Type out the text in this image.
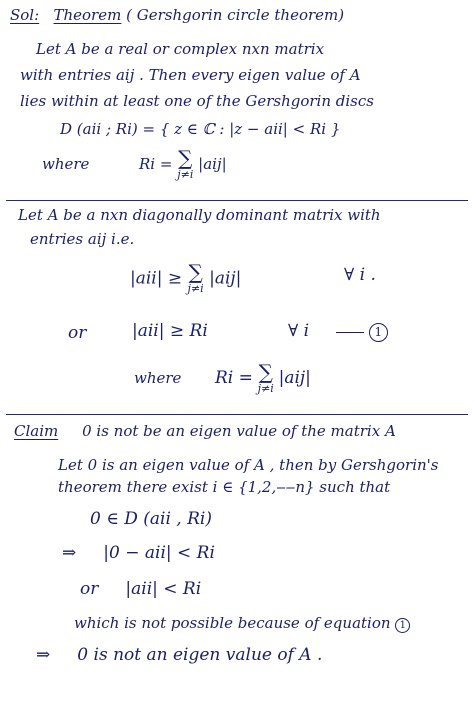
Sol: Theorem ( Gershgorin circle theorem)
Let A be a real or complex nxn matrix
with entries aij . Then every eigen value of A
lies within at least one of the Gershgorin discs
D (aii ; Ri) = { z ∈ ℂ : |z − aii| < Ri }
where	Ri = ∑
j≠i
|aij|
Let A be a nxn diagonally dominant matrix with
entries aij i.e.
|aii| ≥ ∑
j≠i |aij|	∀ i .
or	|aii| ≥ Ri	∀ i	1
where Ri = ∑
j≠i
|aij|
Claim 0 is not be an eigen value of the matrix A
Let 0 is an eigen value of A , then by Gershgorin's
theorem there exist i ∈ {1,2,‒‒n} such that
0 ∈ D (aii , Ri)
⇒ |0 − aii| < Ri
or |aii| < Ri
which is not possible because of equation 1
⇒ 0 is not an eigen value of A .
